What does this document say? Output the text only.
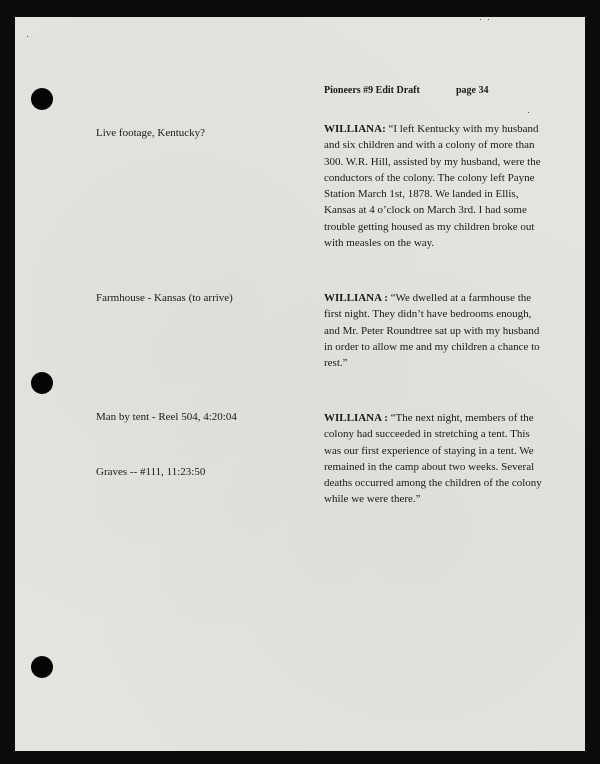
Pioneers #9 Edit Draft	page 34
Live footage, Kentucky?	WILLIANA: “I left Kentucky with my husband and six children and with a colony of more than 300. W.R. Hill, assisted by my husband, were the conductors of the colony. The colony left Payne Station March 1st, 1878. We landed in Ellis, Kansas at 4 o’clock on March 3rd. I had some trouble getting housed as my children broke out with measles on the way.
Farmhouse - Kansas (to arrive)	WILLIANA : “We dwelled at a farmhouse the first night. They didn’t have bedrooms enough, and Mr. Peter Roundtree sat up with my husband in order to allow me and my children a chance to rest.”
Man by tent - Reel 504, 4:20:04	WILLIANA : “The next night, members of the colony had succeeded in stretching a tent. This was our first experience of staying in a tent. We remained in the camp about two weeks. Several deaths occurred among the children of the colony while we were there.”
Graves -- #111, 11:23:50
